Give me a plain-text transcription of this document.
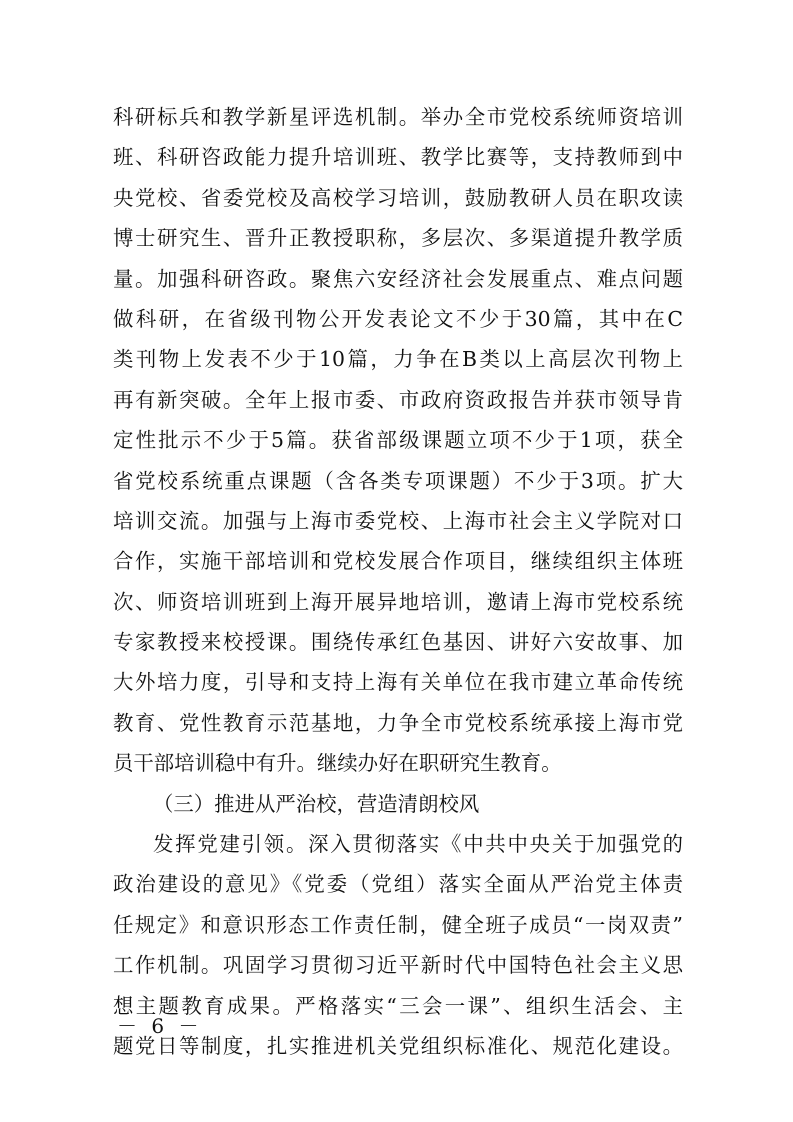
科研标兵和教学新星评选机制。举办全市党校系统师资培训
班、科研咨政能力提升培训班、教学比赛等，支持教师到中
央党校、省委党校及高校学习培训，鼓励教研人员在职攻读
博士研究生、晋升正教授职称，多层次、多渠道提升教学质
量。加强科研咨政。聚焦六安经济社会发展重点、难点问题
做科研，在省级刊物公开发表论文不少于30篇，其中在C
类刊物上发表不少于10篇，力争在B类以上高层次刊物上
再有新突破。全年上报市委、市政府资政报告并获市领导肯
定性批示不少于5篇。获省部级课题立项不少于1项，获全
省党校系统重点课题（含各类专项课题）不少于3项。扩大
培训交流。加强与上海市委党校、上海市社会主义学院对口
合作，实施干部培训和党校发展合作项目，继续组织主体班
次、师资培训班到上海开展异地培训，邀请上海市党校系统
专家教授来校授课。围绕传承红色基因、讲好六安故事、加
大外培力度，引导和支持上海有关单位在我市建立革命传统
教育、党性教育示范基地，力争全市党校系统承接上海市党
员干部培训稳中有升。继续办好在职研究生教育。
（三）推进从严治校，营造清朗校风
发挥党建引领。深入贯彻落实《中共中央关于加强党的
政治建设的意见》《党委（党组）落实全面从严治党主体责
任规定》和意识形态工作责任制，健全班子成员“一岗双责”
工作机制。巩固学习贯彻习近平新时代中国特色社会主义思
想主题教育成果。严格落实“三会一课”、组织生活会、主
题党日等制度，扎实推进机关党组织标准化、规范化建设。
－ 6 －
